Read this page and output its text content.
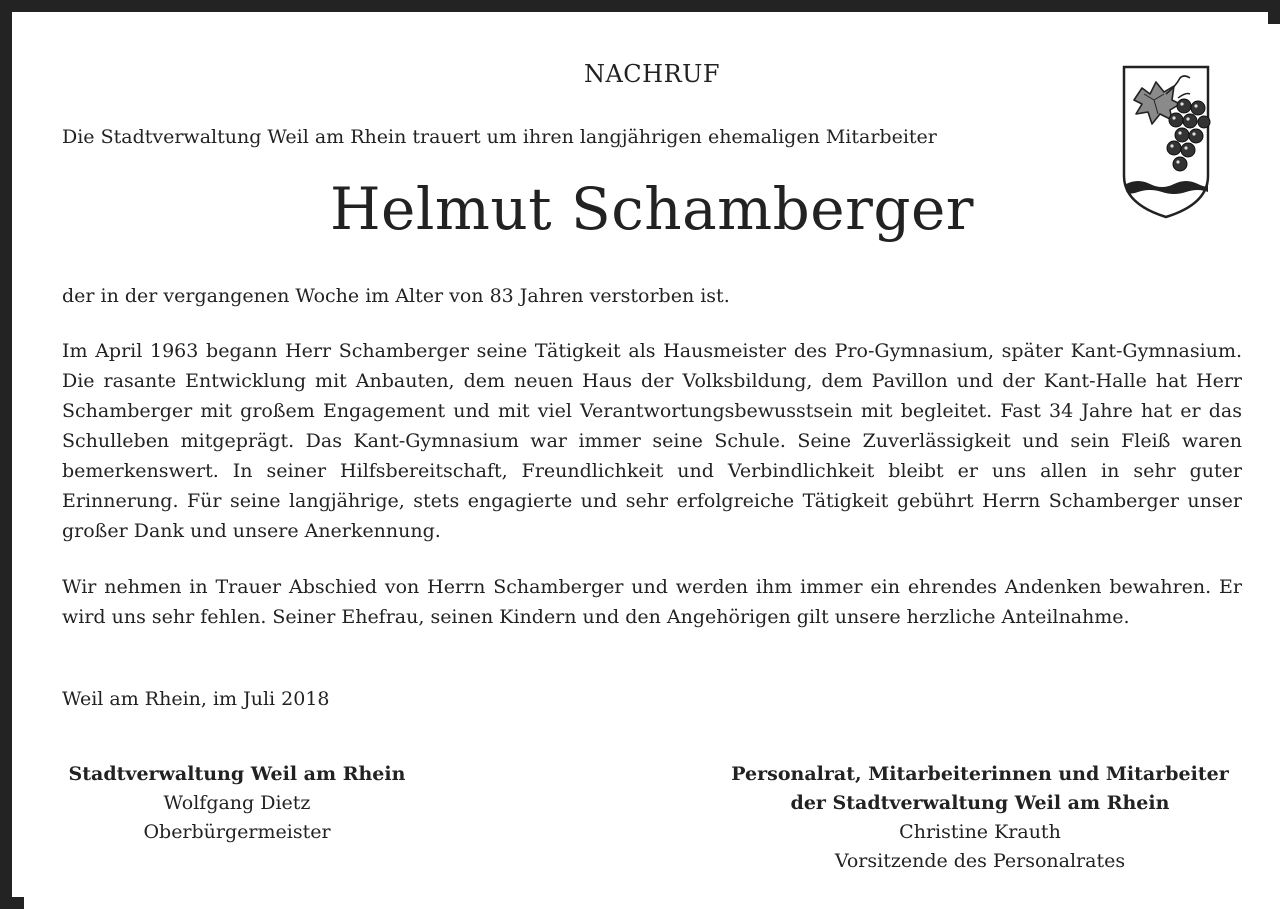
NACHRUF
Die Stadtverwaltung Weil am Rhein trauert um ihren langjährigen ehemaligen Mitarbeiter
Helmut Schamberger

der in der vergangenen Woche im Alter von 83 Jahren verstorben ist.

Im April 1963 begann Herr Schamberger seine Tätigkeit als Hausmeister des Pro-Gymnasium, später Kant-Gymnasium. Die rasante Entwicklung mit Anbauten, dem neuen Haus der Volksbildung, dem Pavillon und der Kant-Halle hat Herr Schamberger mit großem Engagement und mit viel Verantwortungsbewusstsein mit begleitet. Fast 34 Jahre hat er das Schulleben mitgeprägt. Das Kant-Gymnasium war immer seine Schule. Seine Zuverlässigkeit und sein Fleiß waren bemerkenswert. In seiner Hilfsbereitschaft, Freundlichkeit und Verbindlichkeit bleibt er uns allen in sehr guter Erinnerung. Für seine langjährige, stets engagierte und sehr erfolgreiche Tätigkeit gebührt Herrn Schamberger unser großer Dank und unsere Anerkennung.

Wir nehmen in Trauer Abschied von Herrn Schamberger und werden ihm immer ein ehrendes Andenken bewahren. Er wird uns sehr fehlen. Seiner Ehefrau, seinen Kindern und den Angehörigen gilt unsere herzliche Anteilnahme.

Weil am Rhein, im Juli 2018
Stadtverwaltung Weil am Rhein
Wolfgang Dietz
Oberbürgermeister
Personalrat, Mitarbeiterinnen und Mitarbeiter
der Stadtverwaltung Weil am Rhein
Christine Krauth
Vorsitzende des Personalrates
